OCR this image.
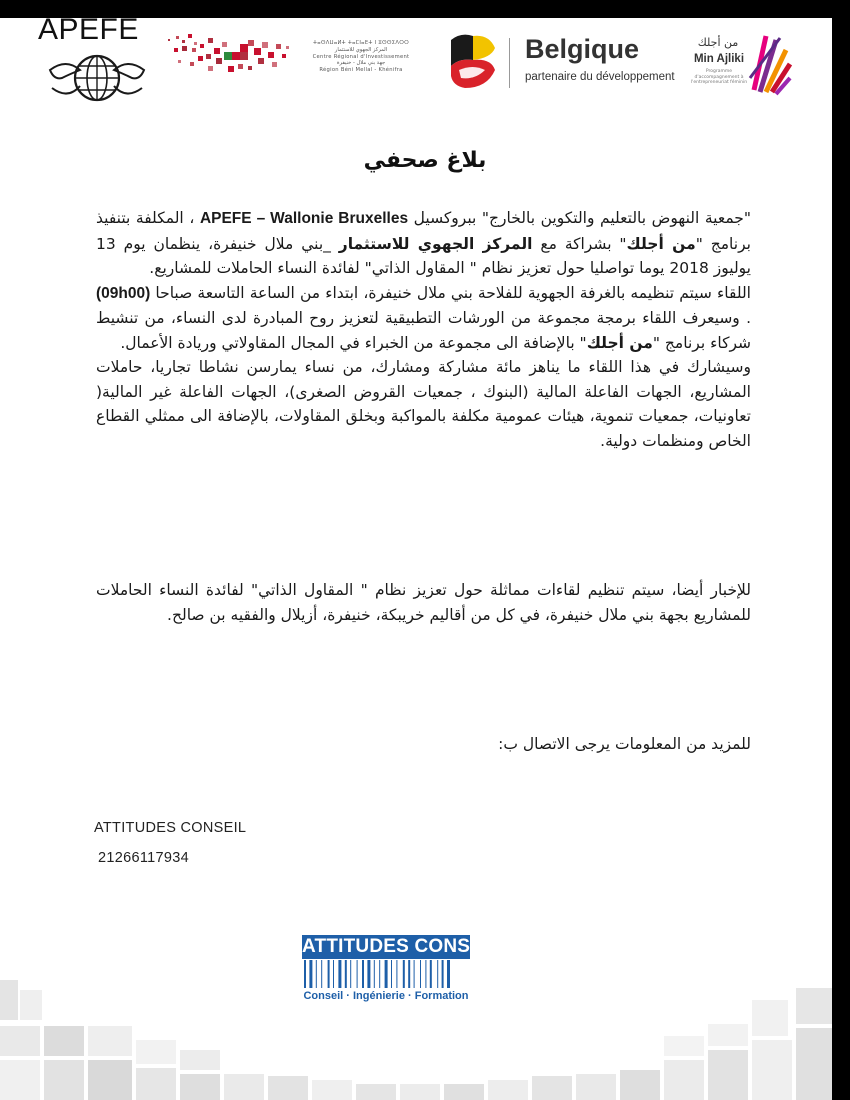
APEFE	ⵜⴰⵙⴷⵡⴰⵍⵜ ⵜⴰⵎⵏⴰⴹⵜ ⵏ ⵓⵙⵙⵉⴷⵔⵔ
المركز الجهوي للاستثمار
Centre Régional d'Investissement
جهة بني ملال - خنيفرة
Région Béni Mellal - Khénifra
Belgique
partenaire du développement
من أجلك
Min Ajliki
Programme d'accompagnement à l'entrepreneuriat féminin
بلاغ صحفي

"جمعية النهوض بالتعليم والتكوين بالخارج" ببروكسيل APEFE – Wallonie Bruxelles ، المكلفة بتنفيذ برنامج "من أجلك" بشراكة مع المركز الجهوي للاستثمار _بني ملال خنيفرة، ينظمان يوم 13 يوليوز 2018 يوما تواصليا حول تعزيز نظام " المقاول الذاتي" لفائدة النساء الحاملات للمشاريع.

اللقاء سيتم تنظيمه بالغرفة الجهوية للفلاحة بني ملال خنيفرة، ابتداء من الساعة التاسعة صباحا (09h00) . وسيعرف اللقاء برمجة مجموعة من الورشات التطبيقية لتعزيز روح المبادرة لدى النساء، من تنشيط شركاء برنامج "من أجلك" بالإضافة الى مجموعة من الخبراء في المجال المقاولاتي وريادة الأعمال.

وسيشارك في هذا اللقاء ما يناهز مائة مشاركة ومشارك، من نساء يمارسن نشاطا تجاريا، حاملات المشاريع، الجهات الفاعلة المالية (البنوك ، جمعيات القروض الصغرى)، الجهات الفاعلة غير المالية( تعاونيات، جمعيات تنموية، هيئات عمومية مكلفة بالمواكبة وبخلق المقاولات، بالإضافة الى ممثلي القطاع الخاص ومنظمات دولية.

للإخبار أيضا، سيتم تنظيم لقاءات مماثلة حول تعزيز نظام " المقاول الذاتي" لفائدة النساء الحاملات للمشاريع بجهة بني ملال خنيفرة، في كل من أقاليم خريبكة، خنيفرة، أزيلال والفقيه بن صالح.
للمزيد من المعلومات يرجى الاتصال ب:
ATTITUDES CONSEIL
21266117934
ATTITUDES CONSEIL
Conseil · Ingénierie · Formation
